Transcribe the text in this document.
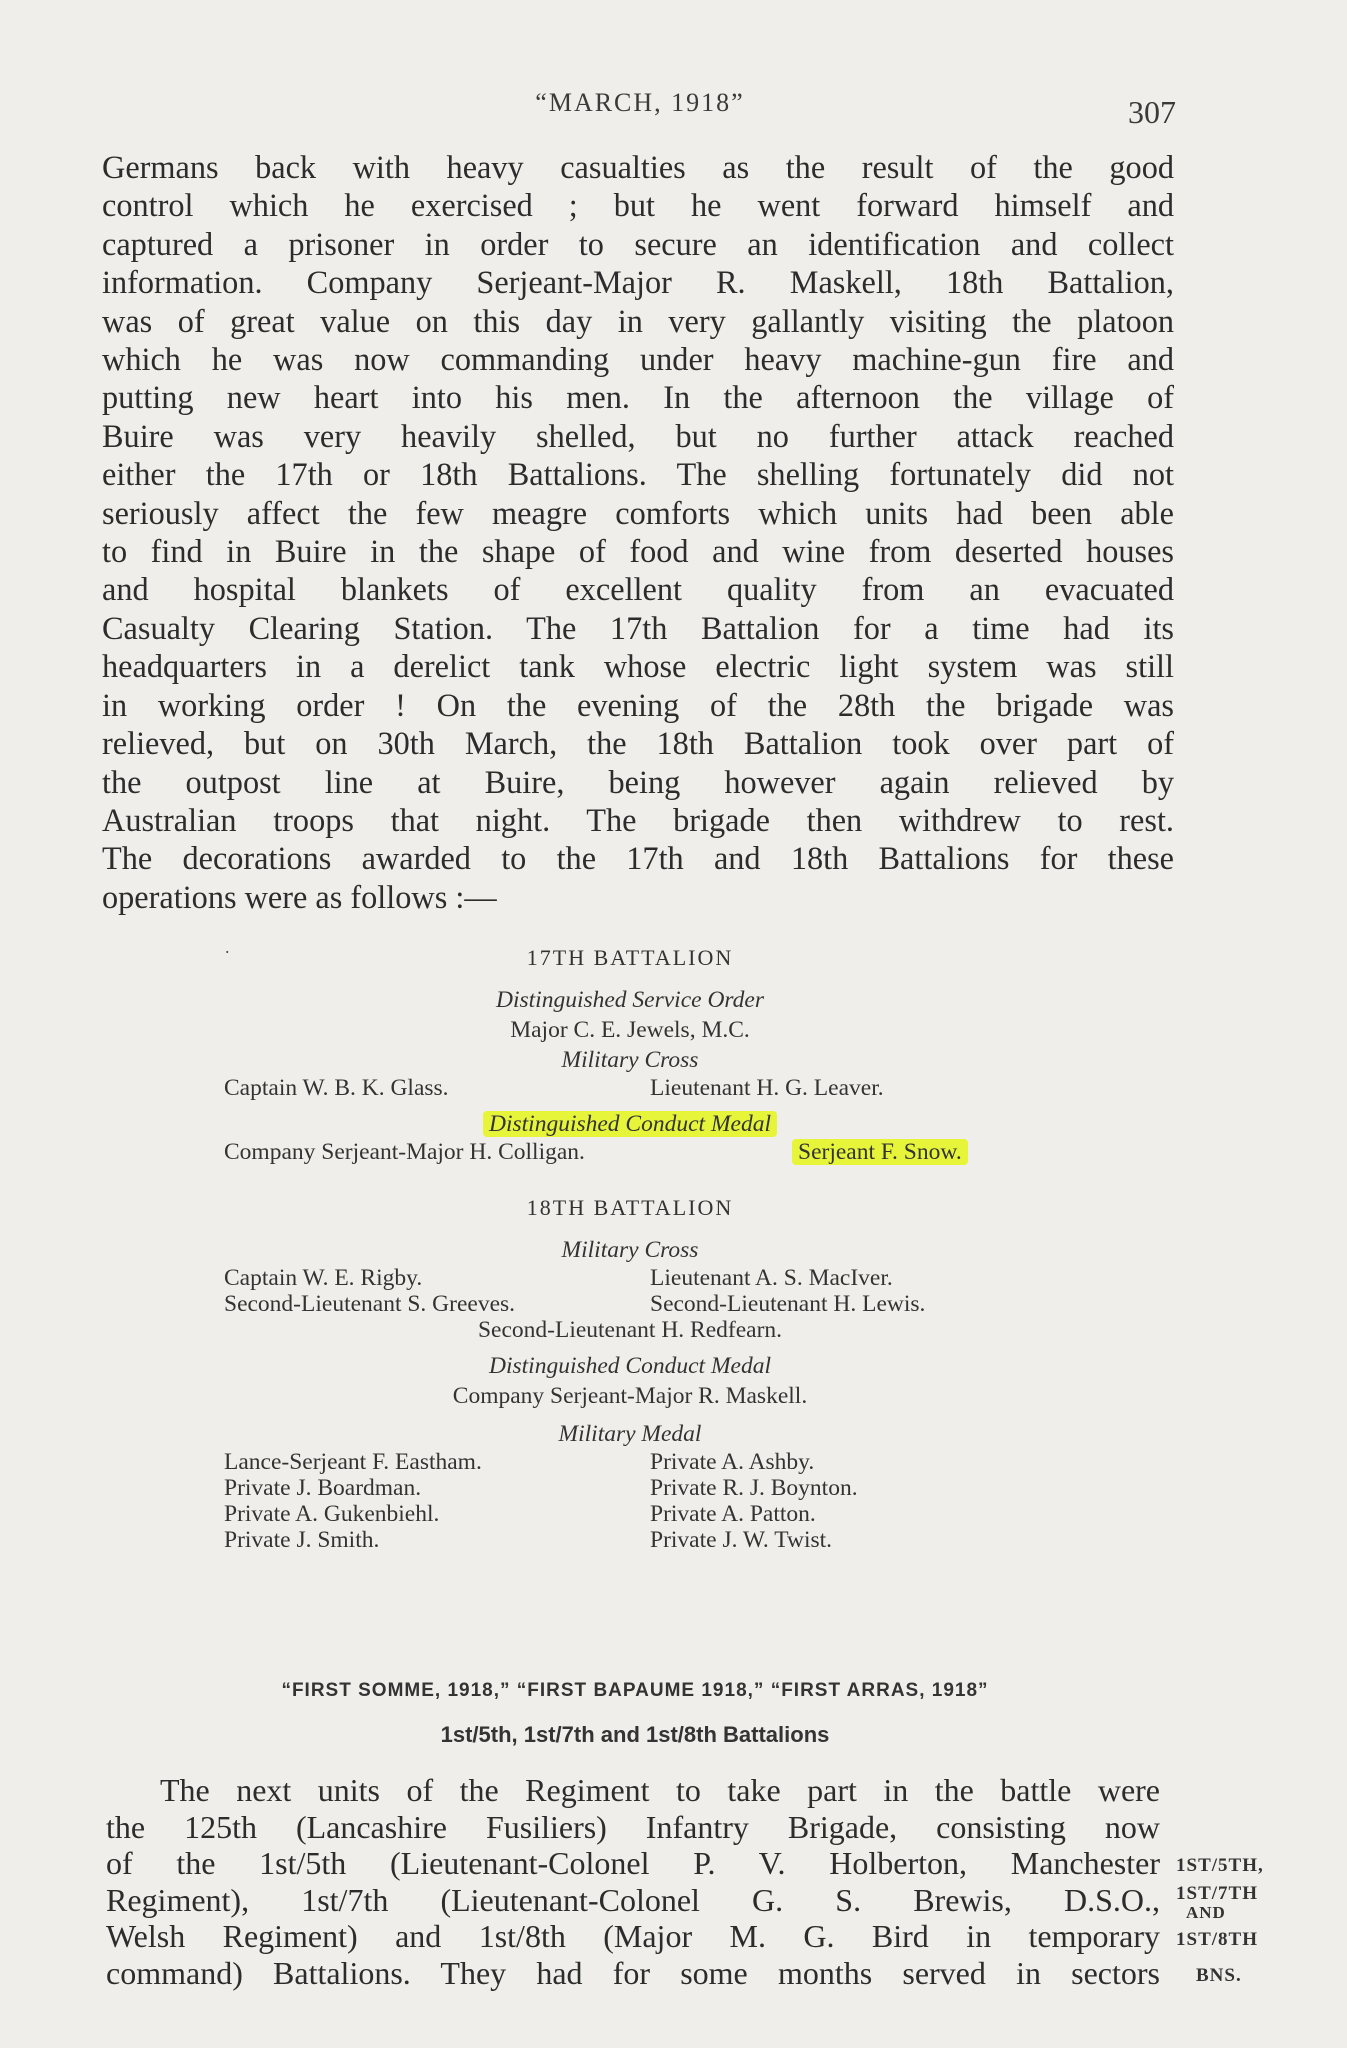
“MARCH, 1918”	307
Germans back with heavy casualties as the result of the good
control which he exercised ; but he went forward himself and
captured a prisoner in order to secure an identification and collect
information. Company Serjeant-Major R. Maskell, 18th Battalion,
was of great value on this day in very gallantly visiting the platoon
which he was now commanding under heavy machine-gun fire and
putting new heart into his men. In the afternoon the village of
Buire was very heavily shelled, but no further attack reached
either the 17th or 18th Battalions. The shelling fortunately did not
seriously affect the few meagre comforts which units had been able
to find in Buire in the shape of food and wine from deserted houses
and hospital blankets of excellent quality from an evacuated
Casualty Clearing Station. The 17th Battalion for a time had its
headquarters in a derelict tank whose electric light system was still
in working order ! On the evening of the 28th the brigade was
relieved, but on 30th March, the 18th Battalion took over part of
the outpost line at Buire, being however again relieved by
Australian troops that night. The brigade then withdrew to rest.
The decorations awarded to the 17th and 18th Battalions for these
operations were as follows :—
.	17TH BATTALION
Distinguished Service Order
Major C. E. Jewels, M.C.
Military Cross
Captain W. B. K. Glass.	Lieutenant H. G. Leaver.
Distinguished Conduct Medal
Company Serjeant-Major H. Colligan.	Serjeant F. Snow.
18TH BATTALION
Military Cross
Captain W. E. Rigby.	Lieutenant A. S. MacIver.
Second-Lieutenant S. Greeves.	Second-Lieutenant H. Lewis.
Second-Lieutenant H. Redfearn.
Distinguished Conduct Medal
Company Serjeant-Major R. Maskell.
Military Medal
Lance-Serjeant F. Eastham.	Private A. Ashby.
Private J. Boardman.	Private R. J. Boynton.
Private A. Gukenbiehl.	Private A. Patton.
Private J. Smith.	Private J. W. Twist.
“FIRST SOMME, 1918,” “FIRST BAPAUME 1918,” “FIRST ARRAS, 1918”
1st/5th, 1st/7th and 1st/8th Battalions
The next units of the Regiment to take part in the battle were
the 125th (Lancashire Fusiliers) Infantry Brigade, consisting now
of the 1st/5th (Lieutenant-Colonel P. V. Holberton, Manchester
Regiment), 1st/7th (Lieutenant-Colonel G. S. Brewis, D.S.O.,
Welsh Regiment) and 1st/8th (Major M. G. Bird in temporary
command) Battalions. They had for some months served in sectors
1ST/5TH,
1ST/7TH
AND
1ST/8TH
BNS.
